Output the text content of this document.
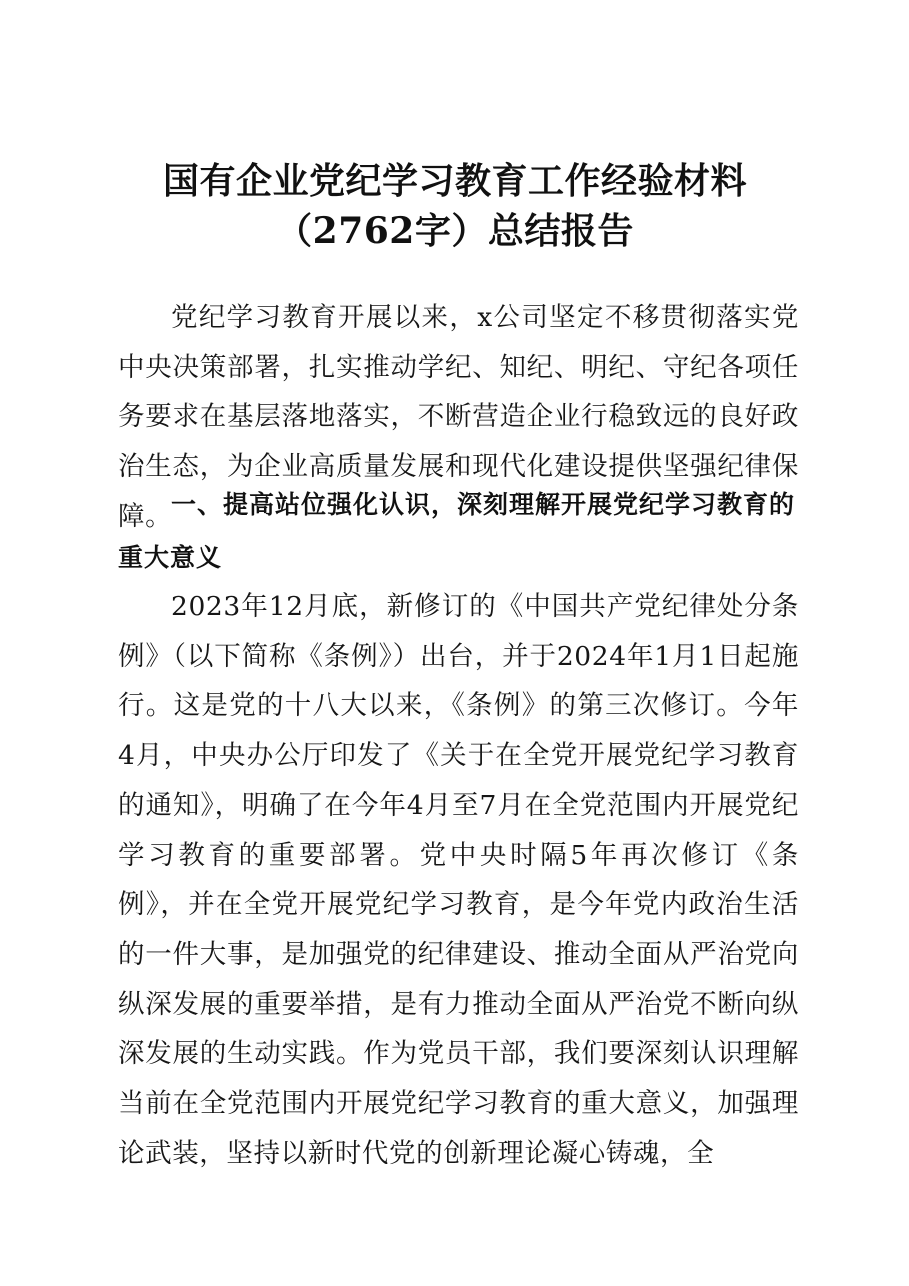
国有企业党纪学习教育工作经验材料（2762字）总结报告

党纪学习教育开展以来，x公司坚定不移贯彻落实党中央决策部署，扎实推动学纪、知纪、明纪、守纪各项任务要求在基层落地落实，不断营造企业行稳致远的良好政治生态，为企业高质量发展和现代化建设提供坚强纪律保障。

一、提高站位强化认识，深刻理解开展党纪学习教育的重大意义

2023年12月底，新修订的《中国共产党纪律处分条例》（以下简称《条例》）出台，并于2024年1月1日起施行。这是党的十八大以来，《条例》的第三次修订。今年4月，中央办公厅印发了《关于在全党开展党纪学习教育的通知》，明确了在今年4月至7月在全党范围内开展党纪学习教育的重要部署。党中央时隔5年再次修订《条例》，并在全党开展党纪学习教育，是今年党内政治生活的一件大事，是加强党的纪律建设、推动全面从严治党向纵深发展的重要举措，是有力推动全面从严治党不断向纵深发展的生动实践。作为党员干部，我们要深刻认识理解当前在全党范围内开展党纪学习教育的重大意义，加强理论武装，坚持以新时代党的创新理论凝心铸魂，全
